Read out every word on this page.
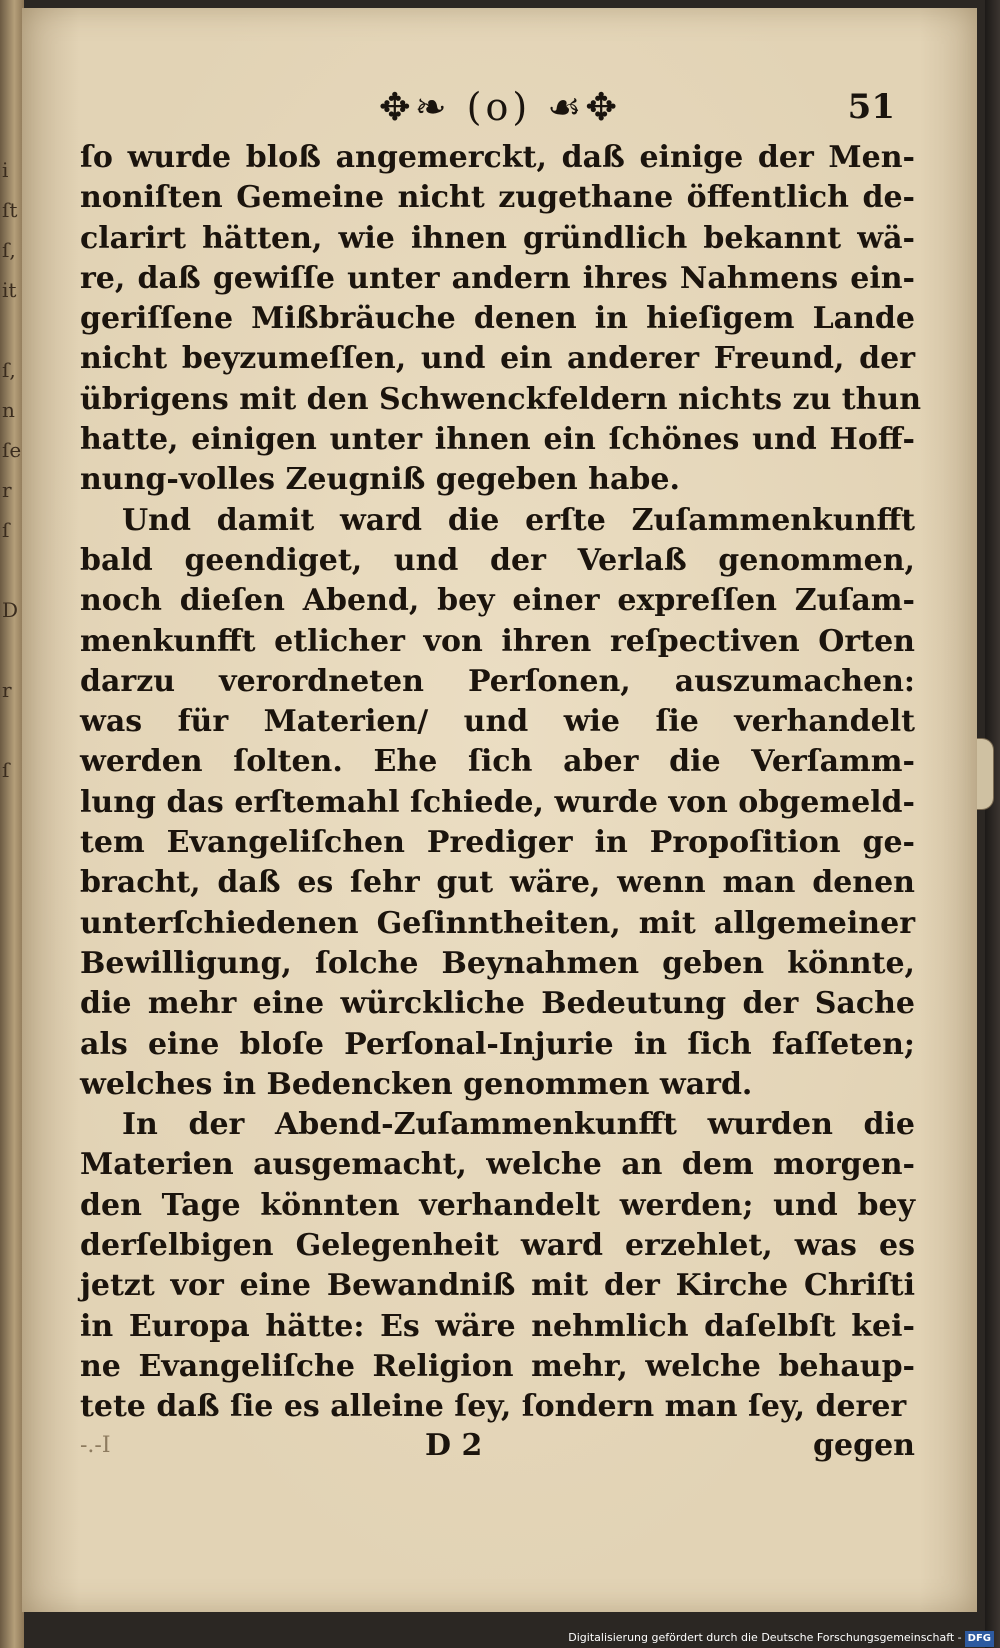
i
ſt
ſ,
it
ſ,
n
ſe
r
ſ
D
r
ſ
✥❧ (o) ☙✥	51
ſo wurde bloß angemerckt, daß einige der Men-
noniſten Gemeine nicht zugethane öffentlich de-
clarirt hätten, wie ihnen gründlich bekannt wä-
re, daß gewiſſe unter andern ihres Nahmens ein-
geriſſene Mißbräuche denen in hieſigem Lande
nicht beyzumeſſen, und ein anderer Freund, der
übrigens mit den Schwenckfeldern nichts zu thun
hatte, einigen unter ihnen ein ſchönes und Hoff-
nung-volles Zeugniß gegeben habe.
Und damit ward die erſte Zuſammenkunfft
bald geendiget, und der Verlaß genommen,
noch dieſen Abend, bey einer expreſſen Zuſam-
menkunfft etlicher von ihren reſpectiven Orten
darzu verordneten Perſonen, auszumachen:
was für Materien/ und wie ſie verhandelt
werden ſolten. Ehe ſich aber die Verſamm-
lung das erſtemahl ſchiede, wurde von obgemeld-
tem Evangeliſchen Prediger in Propoſition ge-
bracht, daß es ſehr gut wäre, wenn man denen
unterſchiedenen Geſinntheiten, mit allgemeiner
Bewilligung, ſolche Beynahmen geben könnte,
die mehr eine würckliche Bedeutung der Sache
als eine bloſe Perſonal-Injurie in ſich faſſeten;
welches in Bedencken genommen ward.
In der Abend-Zuſammenkunfft wurden die
Materien ausgemacht, welche an dem morgen-
den Tage könnten verhandelt werden; und bey
derſelbigen Gelegenheit ward erzehlet, was es
jetzt vor eine Bewandniß mit der Kirche Chriſti
in Europa hätte: Es wäre nehmlich daſelbſt kei-
ne Evangeliſche Religion mehr, welche behaup-
tete daß ſie es alleine ſey, ſondern man ſey, derer
-.-I	D 2	gegen
Digitalisierung gefördert durch die Deutsche Forschungsgemeinschaft - DFG
